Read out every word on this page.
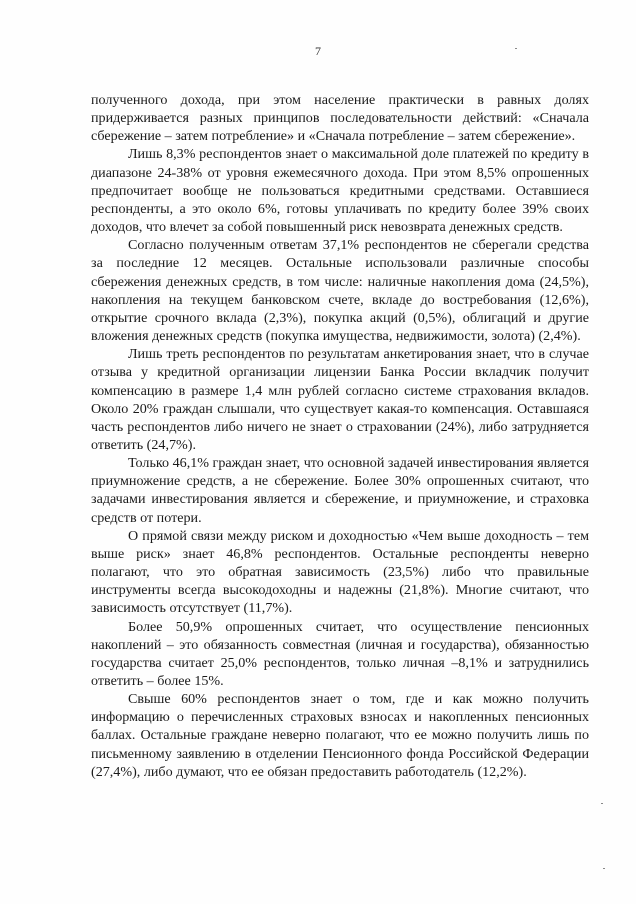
7

полученного дохода, при этом население практически в равных долях придерживается разных принципов последовательности действий: «Сначала сбережение – затем потребление» и «Сначала потребление – затем сбережение».

Лишь 8,3% респондентов знает о максимальной доле платежей по кредиту в диапазоне 24-38% от уровня ежемесячного дохода. При этом 8,5% опрошенных предпочитает вообще не пользоваться кредитными средствами. Оставшиеся респонденты, а это около 6%, готовы уплачивать по кредиту более 39% своих доходов, что влечет за собой повышенный риск невозврата денежных средств.

Согласно полученным ответам 37,1% респондентов не сберегали средства за последние 12 месяцев. Остальные использовали различные способы сбережения денежных средств, в том числе: наличные накопления дома (24,5%), накопления на текущем банковском счете, вкладе до востребования (12,6%), открытие срочного вклада (2,3%), покупка акций (0,5%), облигаций и другие вложения денежных средств (покупка имущества, недвижимости, золота) (2,4%).

Лишь треть респондентов по результатам анкетирования знает, что в случае отзыва у кредитной организации лицензии Банка России вкладчик получит компенсацию в размере 1,4 млн рублей согласно системе страхования вкладов. Около 20% граждан слышали, что существует какая-то компенсация. Оставшаяся часть респондентов либо ничего не знает о страховании (24%), либо затрудняется ответить (24,7%).

Только 46,1% граждан знает, что основной задачей инвестирования является приумножение средств, а не сбережение. Более 30% опрошенных считают, что задачами инвестирования является и сбережение, и приумножение, и страховка средств от потери.

О прямой связи между риском и доходностью «Чем выше доходность – тем выше риск» знает 46,8% респондентов. Остальные респонденты неверно полагают, что это обратная зависимость (23,5%) либо что правильные инструменты всегда высокодоходны и надежны (21,8%). Многие считают, что зависимость отсутствует (11,7%).

Более 50,9% опрошенных считает, что осуществление пенсионных накоплений – это обязанность совместная (личная и государства), обязанностью государства считает 25,0% респондентов, только личная –8,1% и затруднились ответить – более 15%.

Свыше 60% респондентов знает о том, где и как можно получить информацию о перечисленных страховых взносах и накопленных пенсионных баллах. Остальные граждане неверно полагают, что ее можно получить лишь по письменному заявлению в отделении Пенсионного фонда Российской Федерации (27,4%), либо думают, что ее обязан предоставить работодатель (12,2%).
